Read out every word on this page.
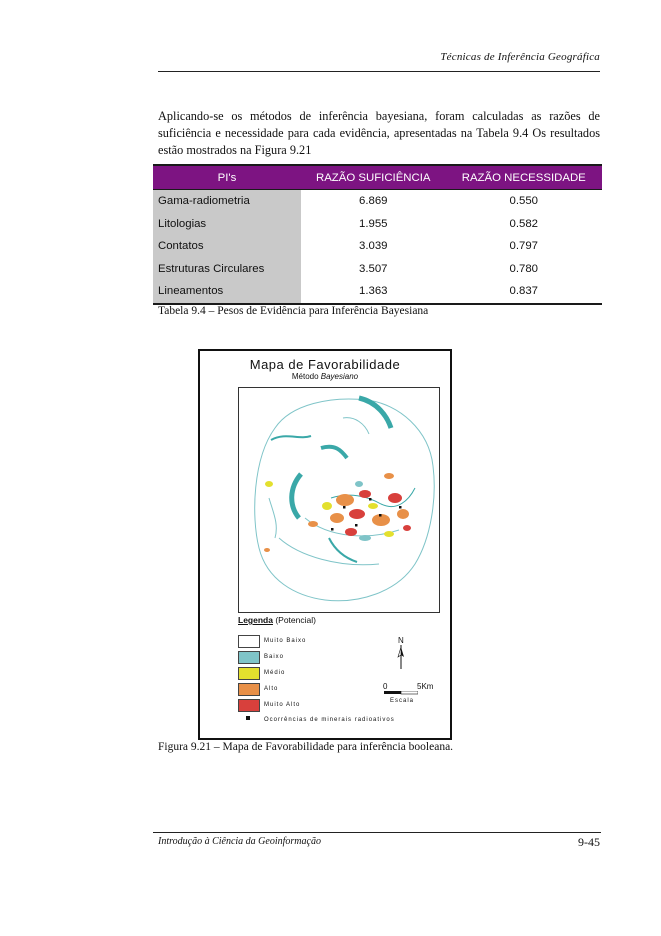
Técnicas de Inferência Geográfica

Aplicando-se os métodos de inferência bayesiana, foram calculadas as razões de suficiência e necessidade para cada evidência, apresentadas na Tabela 9.4 Os resultados estão mostrados na Figura 9.21

PI's	RAZÃO SUFICIÊNCIA	RAZÃO NECESSIDADE
Gama-radiometria	6.869	0.550
Litologias	1.955	0.582
Contatos	3.039	0.797
Estruturas Circulares	3.507	0.780
Lineamentos	1.363	0.837
Tabela 9.4 – Pesos de Evidência para Inferência Bayesiana
Mapa de Favorabilidade
Método Bayesiano
Legenda (Potencial)
Muito Baixo
Baixo
Médio
Alto
Muito Alto
Ocorrências de minerais radioativos
N
0	5Km
Escala
Figura 9.21 – Mapa de Favorabilidade para inferência booleana.
Introdução à Ciência da Geoinformação	9-45
